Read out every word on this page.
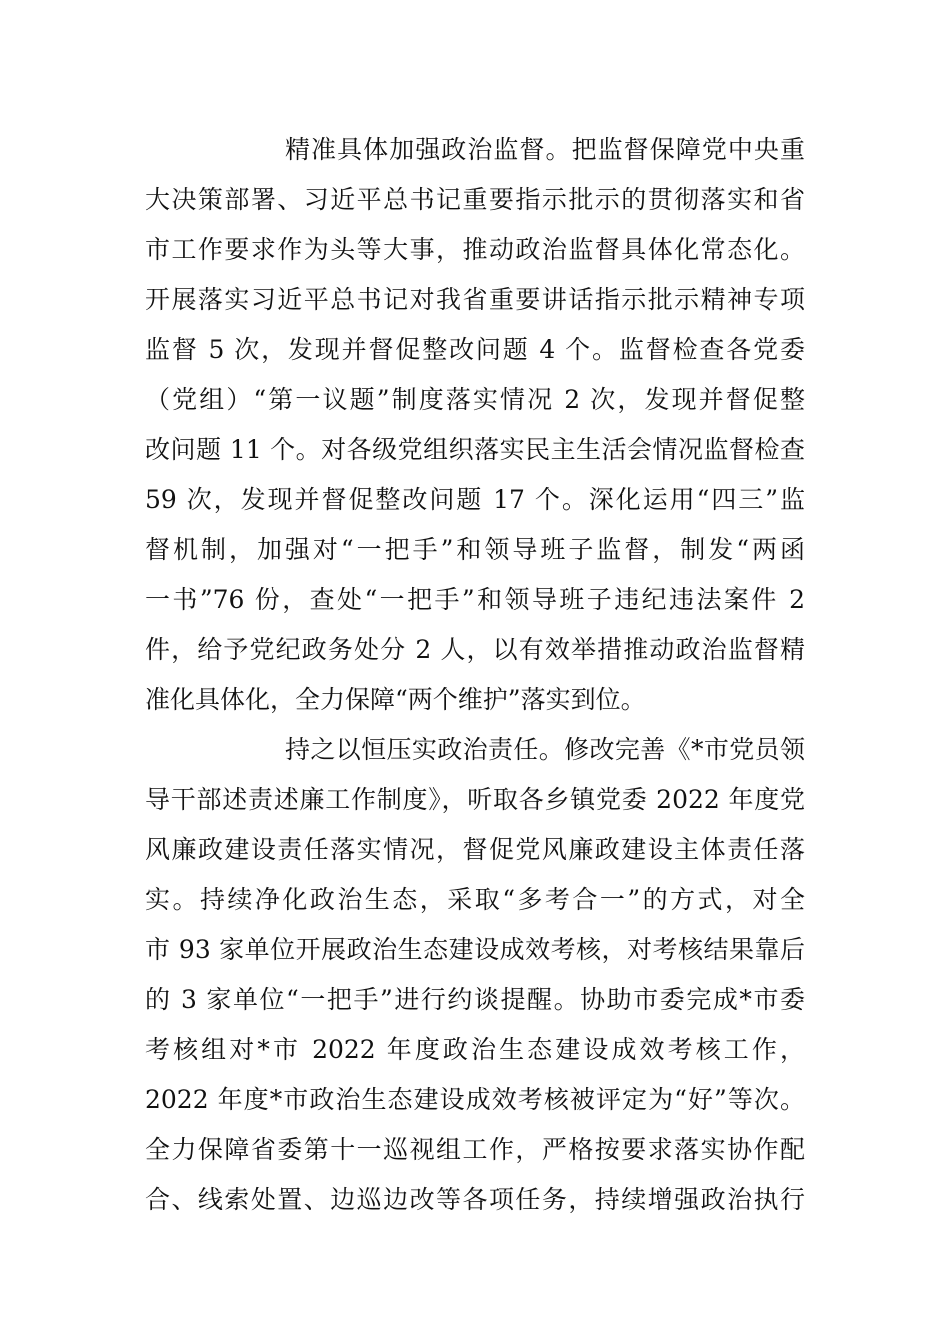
精准具体加强政治监督。把监督保障党中央重
大决策部署、习近平总书记重要指示批示的贯彻落实和省
市工作要求作为头等大事，推动政治监督具体化常态化。
开展落实习近平总书记对我省重要讲话指示批示精神专项
监督 5 次，发现并督促整改问题 4 个。监督检查各党委
（党组）“第一议题”制度落实情况 2 次，发现并督促整
改问题 11 个。对各级党组织落实民主生活会情况监督检查
59 次，发现并督促整改问题 17 个。深化运用“四三”监
督机制，加强对“一把手”和领导班子监督，制发“两函
一书”76 份，查处“一把手”和领导班子违纪违法案件 2
件，给予党纪政务处分 2 人，以有效举措推动政治监督精
准化具体化，全力保障“两个维护”落实到位。
持之以恒压实政治责任。修改完善《*市党员领
导干部述责述廉工作制度》，听取各乡镇党委 2022 年度党
风廉政建设责任落实情况，督促党风廉政建设主体责任落
实。持续净化政治生态，采取“多考合一”的方式，对全
市 93 家单位开展政治生态建设成效考核，对考核结果靠后
的 3 家单位“一把手”进行约谈提醒。协助市委完成*市委
考核组对*市 2022 年度政治生态建设成效考核工作，
2022 年度*市政治生态建设成效考核被评定为“好”等次。
全力保障省委第十一巡视组工作，严格按要求落实协作配
合、线索处置、边巡边改等各项任务，持续增强政治执行
